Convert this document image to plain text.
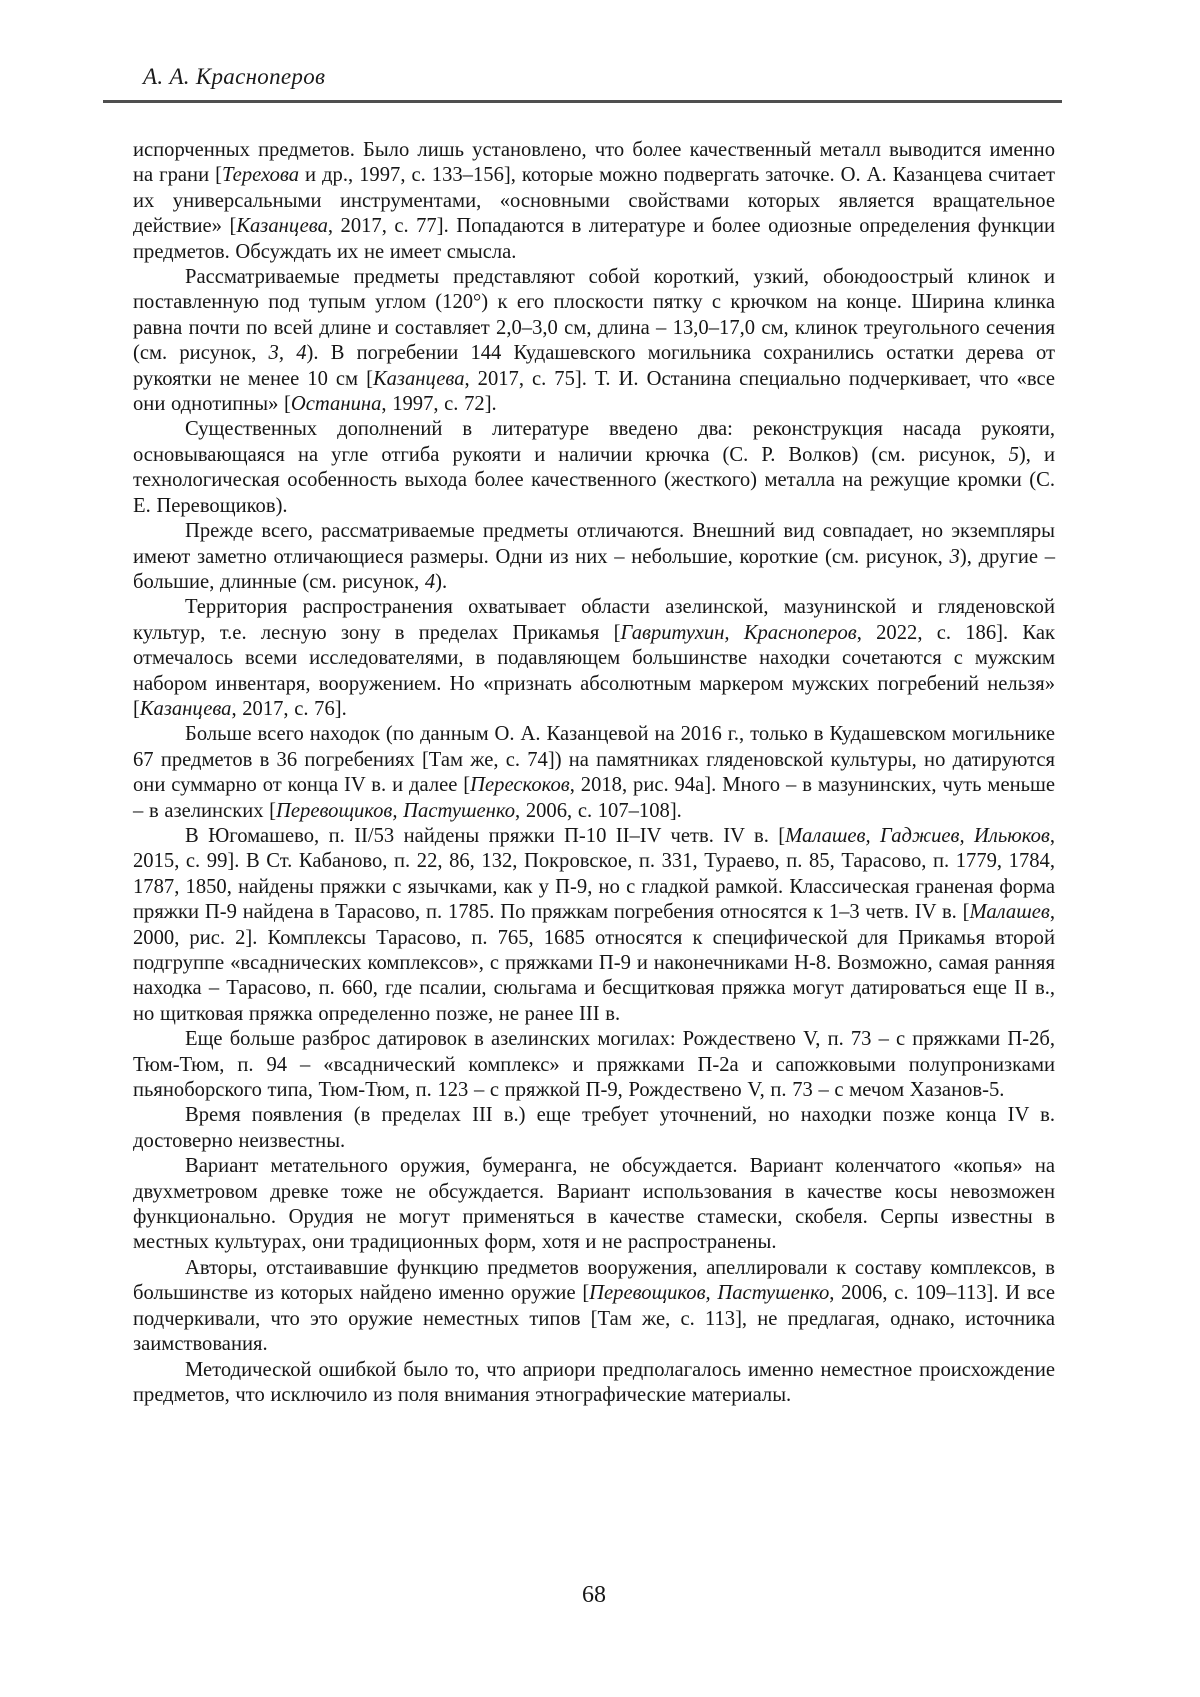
А. А. Красноперов

испорченных предметов. Было лишь установлено, что более качественный металл выводится именно на грани [Терехова и др., 1997, с. 133–156], которые можно подвергать заточке. О. А. Казанцева считает их универсальными инструментами, «основными свойствами которых является вращательное действие» [Казанцева, 2017, с. 77]. Попадаются в литературе и более одиозные определения функции предметов. Обсуждать их не имеет смысла.

Рассматриваемые предметы представляют собой короткий, узкий, обоюдоострый клинок и поставленную под тупым углом (120°) к его плоскости пятку с крючком на конце. Ширина клинка равна почти по всей длине и составляет 2,0–3,0 см, длина – 13,0–17,0 см, клинок треугольного сечения (см. рисунок, 3, 4). В погребении 144 Кудашевского могильника сохранились остатки дерева от рукоятки не менее 10 см [Казанцева, 2017, с. 75]. Т. И. Останина специально подчеркивает, что «все они однотипны» [Останина, 1997, с. 72].

Существенных дополнений в литературе введено два: реконструкция насада рукояти, основывающаяся на угле отгиба рукояти и наличии крючка (С. Р. Волков) (см. рисунок, 5), и технологическая особенность выхода более качественного (жесткого) металла на режущие кромки (С. Е. Перевощиков).

Прежде всего, рассматриваемые предметы отличаются. Внешний вид совпадает, но экземпляры имеют заметно отличающиеся размеры. Одни из них – небольшие, короткие (см. рисунок, 3), другие – большие, длинные (см. рисунок, 4).

Территория распространения охватывает области азелинской, мазунинской и гляденовской культур, т.е. лесную зону в пределах Прикамья [Гавритухин, Красноперов, 2022, с. 186]. Как отмечалось всеми исследователями, в подавляющем большинстве находки сочетаются с мужским набором инвентаря, вооружением. Но «признать абсолютным маркером мужских погребений нельзя» [Казанцева, 2017, с. 76].

Больше всего находок (по данным О. А. Казанцевой на 2016 г., только в Кудашевском могильнике 67 предметов в 36 погребениях [Там же, с. 74]) на памятниках гляденовской культуры, но датируются они суммарно от конца IV в. и далее [Перескоков, 2018, рис. 94а]. Много – в мазунинских, чуть меньше – в азелинских [Перевощиков, Пастушенко, 2006, с. 107–108].

В Югомашево, п. II/53 найдены пряжки П-10 II–IV четв. IV в. [Малашев, Гаджиев, Ильюков, 2015, с. 99]. В Ст. Кабаново, п. 22, 86, 132, Покровское, п. 331, Тураево, п. 85, Тарасово, п. 1779, 1784, 1787, 1850, найдены пряжки с язычками, как у П-9, но с гладкой рамкой. Классическая граненая форма пряжки П-9 найдена в Тарасово, п. 1785. По пряжкам погребения относятся к 1–3 четв. IV в. [Малашев, 2000, рис. 2]. Комплексы Тарасово, п. 765, 1685 относятся к специфической для Прикамья второй подгруппе «всаднических комплексов», с пряжками П-9 и наконечниками Н-8. Возможно, самая ранняя находка – Тарасово, п. 660, где псалии, сюльгама и бесщитковая пряжка могут датироваться еще II в., но щитковая пряжка определенно позже, не ранее III в.

Еще больше разброс датировок в азелинских могилах: Рождествено V, п. 73 – с пряжками П-2б, Тюм-Тюм, п. 94 – «всаднический комплекс» и пряжками П-2а и сапожковыми полупронизками пьяноборского типа, Тюм-Тюм, п. 123 – с пряжкой П-9, Рождествено V, п. 73 – с мечом Хазанов-5.

Время появления (в пределах III в.) еще требует уточнений, но находки позже конца IV в. достоверно неизвестны.

Вариант метательного оружия, бумеранга, не обсуждается. Вариант коленчатого «копья» на двухметровом древке тоже не обсуждается. Вариант использования в качестве косы невозможен функционально. Орудия не могут применяться в качестве стамески, скобеля. Серпы известны в местных культурах, они традиционных форм, хотя и не распространены.

Авторы, отстаивавшие функцию предметов вооружения, апеллировали к составу комплексов, в большинстве из которых найдено именно оружие [Перевощиков, Пастушенко, 2006, с. 109–113]. И все подчеркивали, что это оружие неместных типов [Там же, с. 113], не предлагая, однако, источника заимствования.

Методической ошибкой было то, что априори предполагалось именно неместное происхождение предметов, что исключило из поля внимания этнографические материалы.

68
